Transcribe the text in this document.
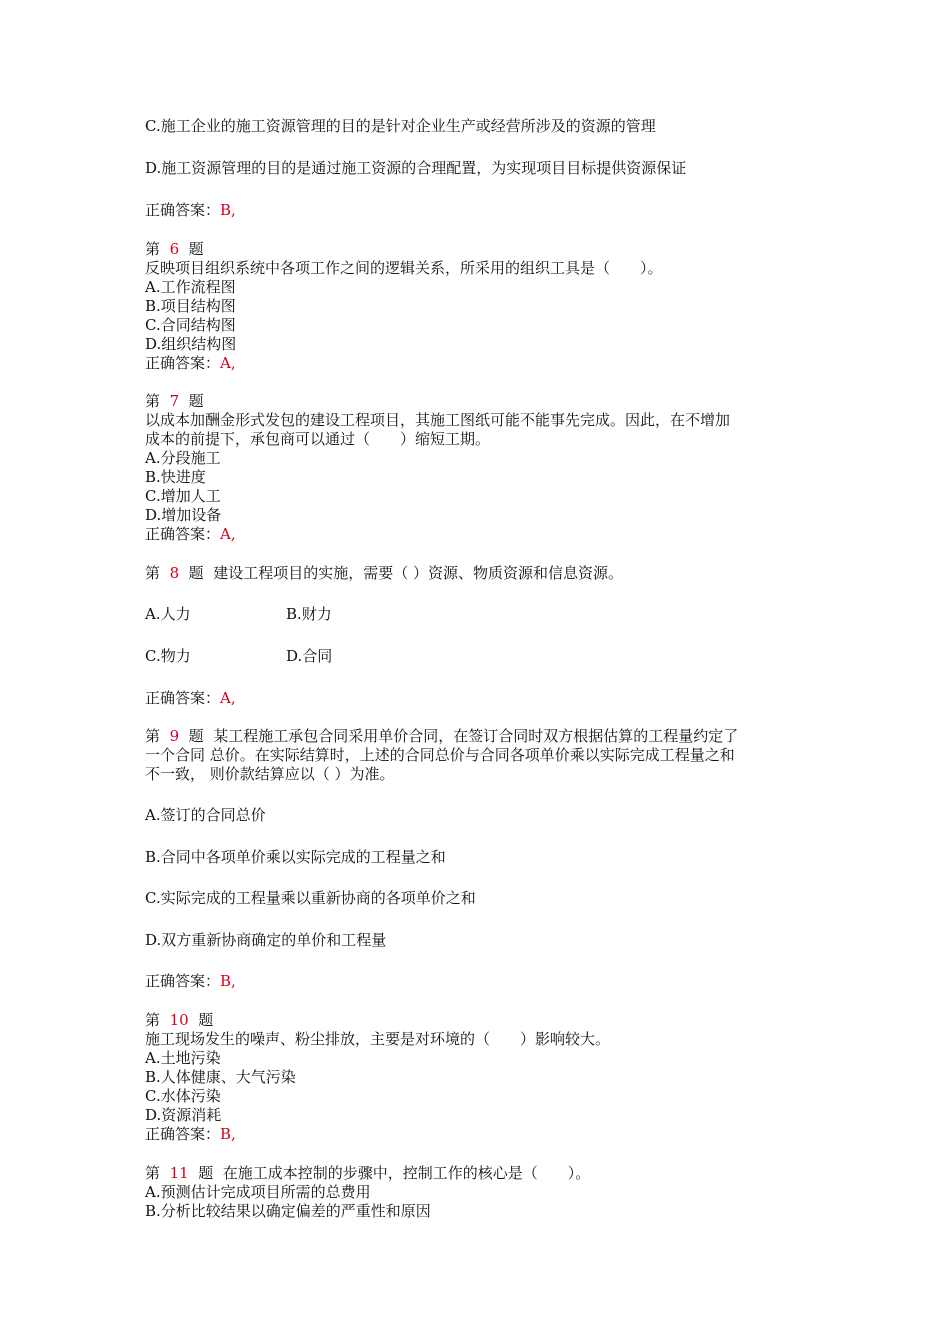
C.施工企业的施工资源管理的目的是针对企业生产或经营所涉及的资源的管理
D.施工资源管理的目的是通过施工资源的合理配置，为实现项目目标提供资源保证
正确答案：B,
第 6 题
反映项目组织系统中各项工作之间的逻辑关系，所采用的组织工具是（　　）。
A.工作流程图
B.项目结构图
C.合同结构图
D.组织结构图
正确答案：A,
第 7 题
以成本加酬金形式发包的建设工程项目，其施工图纸可能不能事先完成。因此，在不增加
成本的前提下，承包商可以通过（　　）缩短工期。
A.分段施工
B.快进度
C.增加人工
D.增加设备
正确答案：A,
第 8 题 建设工程项目的实施，需要（ ）资源、物质资源和信息资源。
A.人力	B.财力
C.物力	D.合同
正确答案：A,
第 9 题 某工程施工承包合同采用单价合同，在签订合同时双方根据估算的工程量约定了
一个合同 总价。在实际结算时，上述的合同总价与合同各项单价乘以实际完成工程量之和
不一致， 则价款结算应以（ ）为准。
A.签订的合同总价
B.合同中各项单价乘以实际完成的工程量之和
C.实际完成的工程量乘以重新协商的各项单价之和
D.双方重新协商确定的单价和工程量
正确答案：B,
第 10 题
施工现场发生的噪声、粉尘排放，主要是对环境的（　　）影响较大。
A.土地污染
B.人体健康、大气污染
C.水体污染
D.资源消耗
正确答案：B,
第 11 题 在施工成本控制的步骤中，控制工作的核心是（　　）。
A.预测估计完成项目所需的总费用
B.分析比较结果以确定偏差的严重性和原因
